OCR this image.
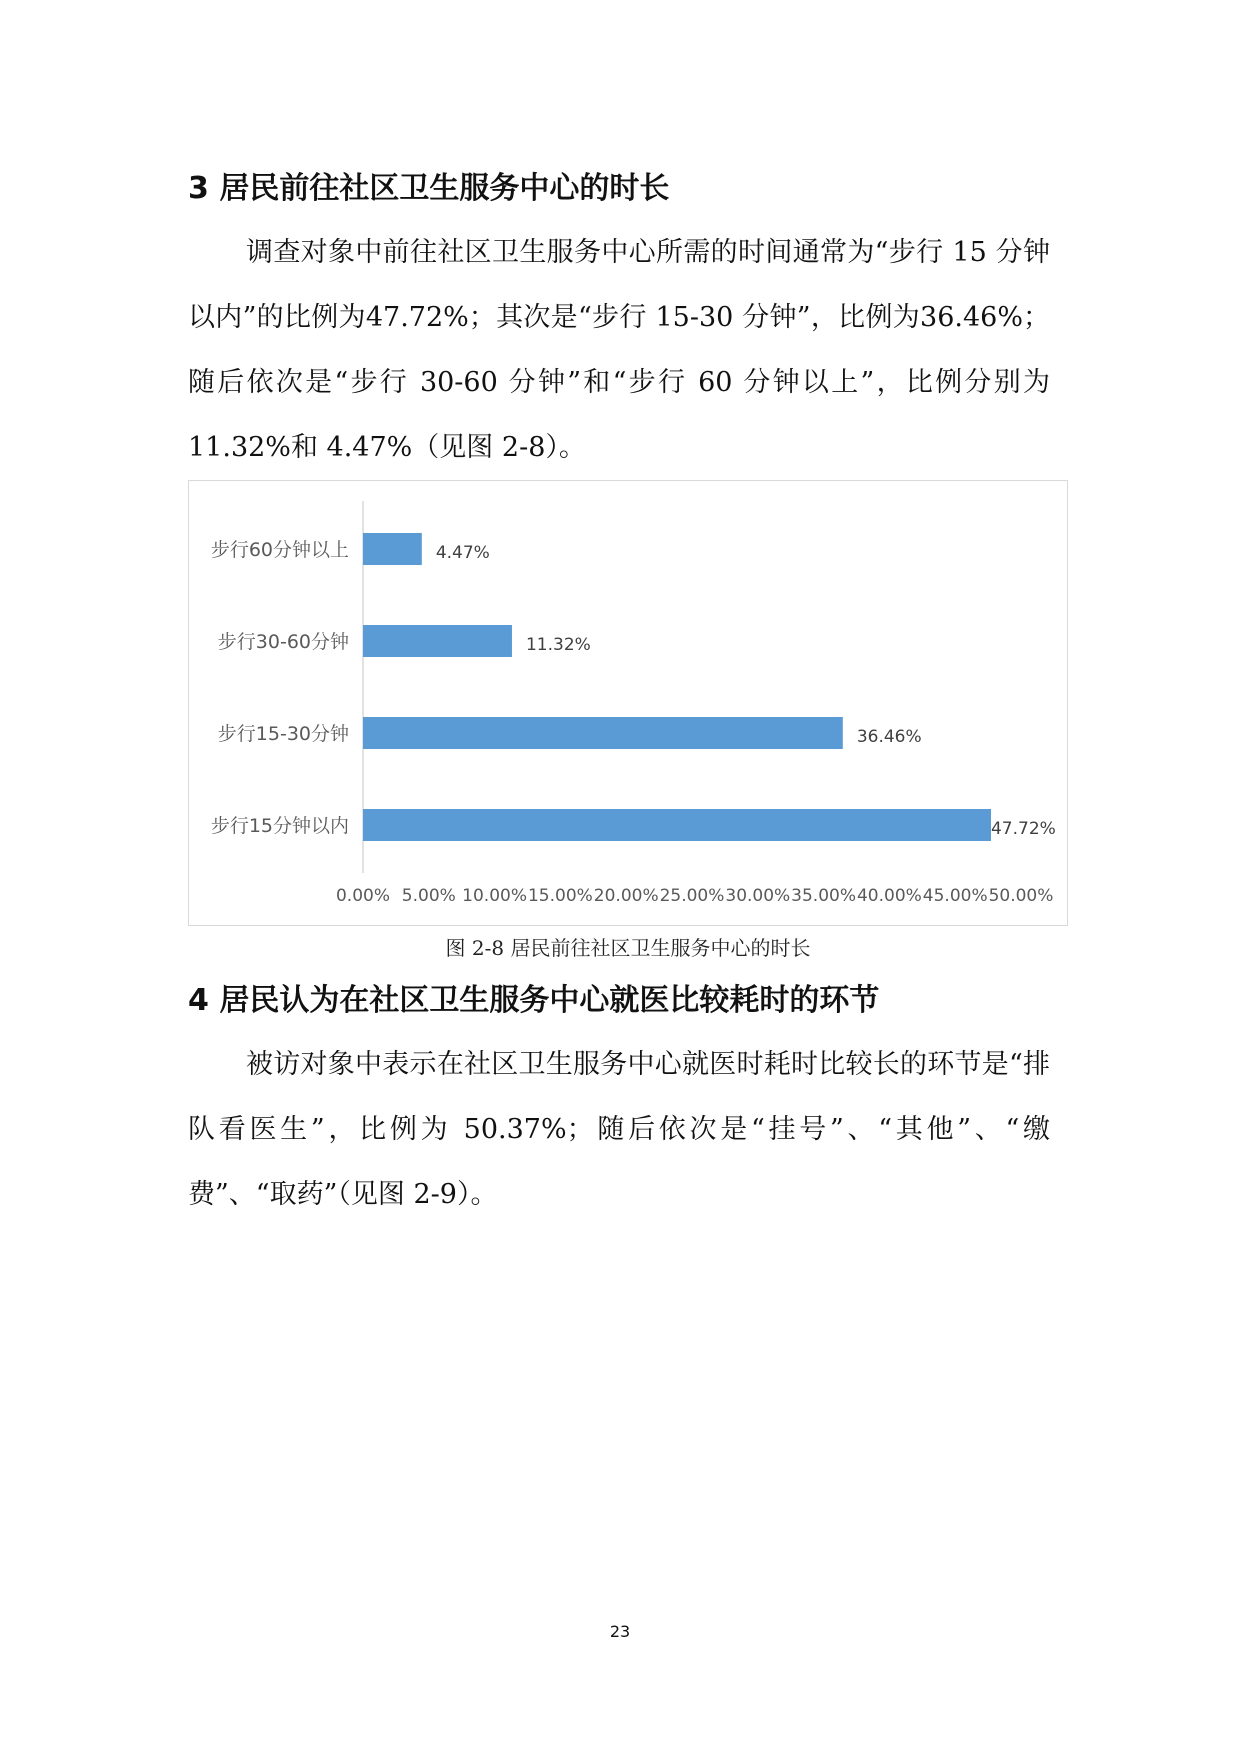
3 居民前往社区卫生服务中心的时长

调查对象中前往社区卫生服务中心所需的时间通常为“步行 15 分钟以内”的比例为47.72%；其次是“步行 15-30 分钟”，比例为36.46%；随后依次是“步行 30-60 分钟”和“步行 60 分钟以上”，比例分别为 11.32%和 4.47%（见图 2-8）。

步行60分钟以上	4.47%
步行30-60分钟	11.32%
步行15-30分钟	36.46%
步行15分钟以内	47.72%
0.00% 5.00% 10.00% 15.00% 20.00% 25.00% 30.00% 35.00% 40.00% 45.00% 50.00%
图 2-8 居民前往社区卫生服务中心的时长
4 居民认为在社区卫生服务中心就医比较耗时的环节

被访对象中表示在社区卫生服务中心就医时耗时比较长的环节是“排队看医生”，比例为 50.37%；随后依次是“挂号”、“其他”、“缴费”、“取药”（见图 2-9）。

23
